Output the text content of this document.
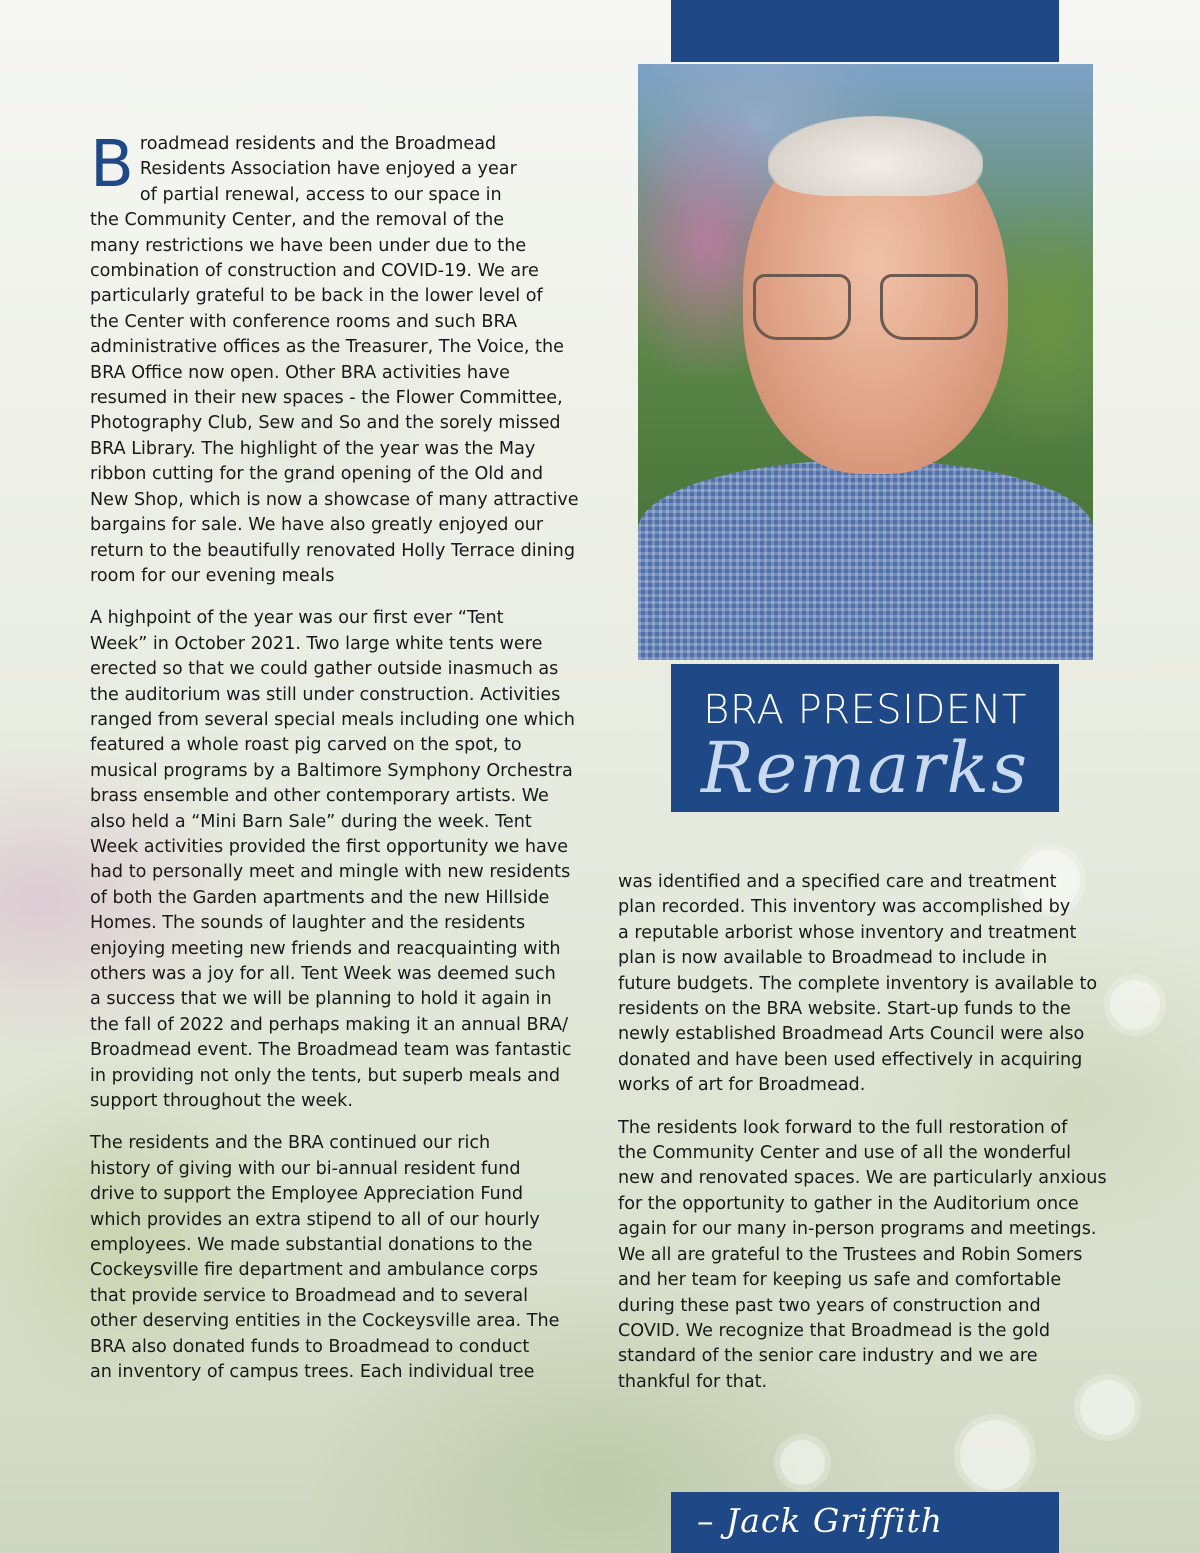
BRA PRESIDENT
Remarks

Broadmead residents and the Broadmead
Residents Association have enjoyed a year
of partial renewal, access to our space in
the Community Center, and the removal of the
many restrictions we have been under due to the
combination of construction and COVID-19. We are
particularly grateful to be back in the lower level of
the Center with conference rooms and such BRA
administrative offices as the Treasurer, The Voice, the
BRA Office now open. Other BRA activities have
resumed in their new spaces - the Flower Committee,
Photography Club, Sew and So and the sorely missed
BRA Library. The highlight of the year was the May
ribbon cutting for the grand opening of the Old and
New Shop, which is now a showcase of many attractive
bargains for sale. We have also greatly enjoyed our
return to the beautifully renovated Holly Terrace dining
room for our evening meals

A highpoint of the year was our first ever “Tent
Week” in October 2021. Two large white tents were
erected so that we could gather outside inasmuch as
the auditorium was still under construction. Activities
ranged from several special meals including one which
featured a whole roast pig carved on the spot, to
musical programs by a Baltimore Symphony Orchestra
brass ensemble and other contemporary artists. We
also held a “Mini Barn Sale” during the week. Tent
Week activities provided the first opportunity we have
had to personally meet and mingle with new residents
of both the Garden apartments and the new Hillside
Homes. The sounds of laughter and the residents
enjoying meeting new friends and reacquainting with
others was a joy for all. Tent Week was deemed such
a success that we will be planning to hold it again in
the fall of 2022 and perhaps making it an annual BRA/
Broadmead event. The Broadmead team was fantastic
in providing not only the tents, but superb meals and
support throughout the week.

The residents and the BRA continued our rich
history of giving with our bi-annual resident fund
drive to support the Employee Appreciation Fund
which provides an extra stipend to all of our hourly
employees. We made substantial donations to the
Cockeysville fire department and ambulance corps
that provide service to Broadmead and to several
other deserving entities in the Cockeysville area. The
BRA also donated funds to Broadmead to conduct
an inventory of campus trees. Each individual tree

was identified and a specified care and treatment
plan recorded. This inventory was accomplished by
a reputable arborist whose inventory and treatment
plan is now available to Broadmead to include in
future budgets. The complete inventory is available to
residents on the BRA website. Start-up funds to the
newly established Broadmead Arts Council were also
donated and have been used effectively in acquiring
works of art for Broadmead.

The residents look forward to the full restoration of
the Community Center and use of all the wonderful
new and renovated spaces. We are particularly anxious
for the opportunity to gather in the Auditorium once
again for our many in-person programs and meetings.
We all are grateful to the Trustees and Robin Somers
and her team for keeping us safe and comfortable
during these past two years of construction and
COVID. We recognize that Broadmead is the gold
standard of the senior care industry and we are
thankful for that.

– Jack Griffith
